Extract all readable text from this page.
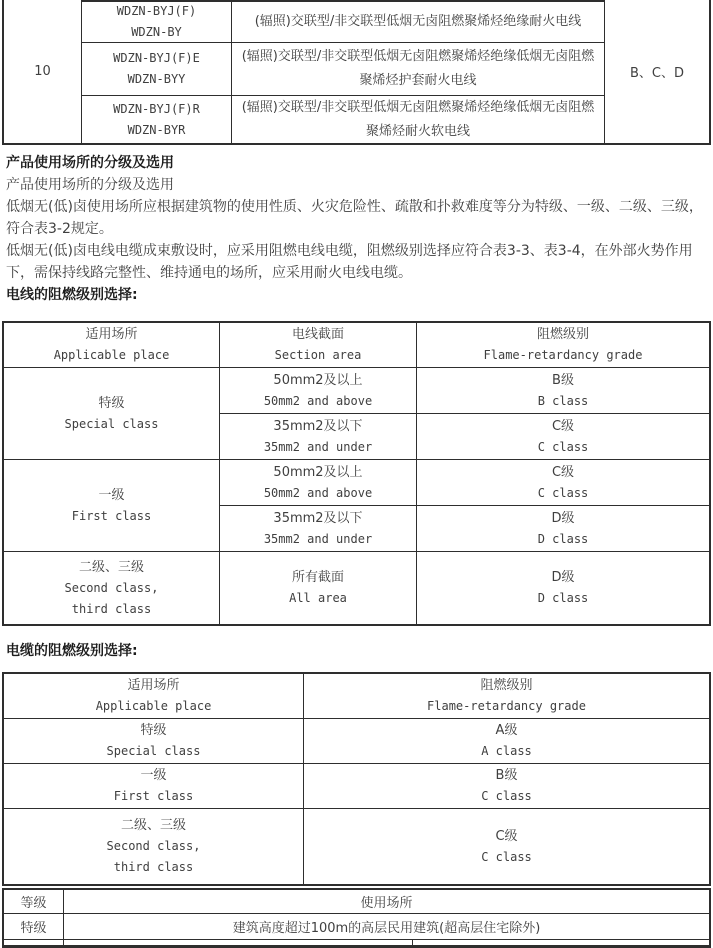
10
WDZN-BYJ(F)
WDZN-BY
(辐照)交联型/非交联型低烟无卤阻燃聚烯烃绝缘耐火电线
WDZN-BYJ(F)E
WDZN-BYY
(辐照)交联型/非交联型低烟无卤阻燃聚烯烃绝缘低烟无卤阻燃聚烯烃护套耐火电线
WDZN-BYJ(F)R
WDZN-BYR
(辐照)交联型/非交联型低烟无卤阻燃聚烯烃绝缘低烟无卤阻燃聚烯烃耐火软电线
B、C、D
产品使用场所的分级及选用
产品使用场所的分级及选用
低烟无(低)卤使用场所应根据建筑物的使用性质、火灾危险性、疏散和扑救难度等分为特级、一级、二级、三级，符合表3-2规定。
低烟无(低)卤电线电缆成束敷设时，应采用阻燃电线电缆，阻燃级别选择应符合表3-3、表3-4，在外部火势作用下，需保持线路完整性、维持通电的场所，应采用耐火电线电缆。
电线的阻燃级别选择:
适用场所
Applicable place
电线截面
Section area
阻燃级别
Flame-retardancy grade
特级
Special class
50mm2及以上
50mm2 and above
B级
B class
35mm2及以下
35mm2 and under
C级
C class
一级
First class
50mm2及以上
50mm2 and above
C级
C class
35mm2及以下
35mm2 and under
D级
D class
二级、三级
Second class,
third class
所有截面
All area
D级
D class
电缆的阻燃级别选择:
适用场所
Applicable place
阻燃级别
Flame-retardancy grade
特级
Special class
A级
A class
一级
First class
B级
C class
二级、三级
Second class,
third class
C级
C class
等级	使用场所
特级	建筑高度超过100m的高层民用建筑(超高层住宅除外)
